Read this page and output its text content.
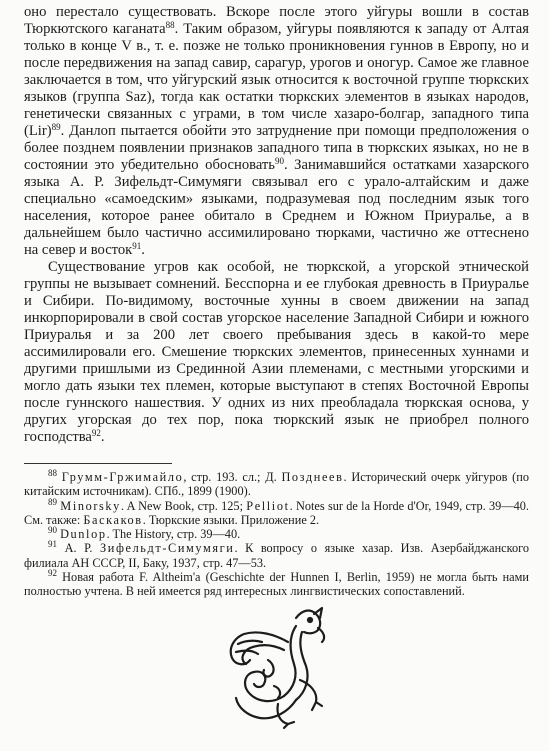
оно перестало существовать. Вскоре после этого уйгуры вошли в состав Тюркютского каганата$^{88}$. Таким образом, уйгуры появляются к западу от Алтая только в конце V в., т. е. позже не только проникновения гуннов в Европу, но и после передвижения на запад савир, сарагур, урогов и оногур. Самое же главное заключается в том, что уйгурский язык относится к восточной группе тюркских языков (группа Saz), тогда как остатки тюркских элементов в языках народов, генетически связанных с уграми, в том числе хазаро-болгар, западного типа (Lir)$^{89}$. Данлоп пытается обойти это затруднение при помощи предположения о более позднем появлении признаков западного типа в тюркских языках, но не в состоянии это убедительно обосновать$^{90}$. Занимавшийся остатками хазарского языка А. Р. Зифельдт-Симумяги связывал его с урало-алтайским и даже специально «самоедским» языками, подразумевая под последним язык того населения, которое ранее обитало в Среднем и Южном Приуралье, а в дальнейшем было частично ассимилировано тюрками, частично же оттеснено на север и восток$^{91}$.

Существование угров как особой, не тюркской, а угорской этнической группы не вызывает сомнений. Бесспорна и ее глубокая древность в Приуралье и Сибири. По-видимому, восточные хунны в своем движении на запад инкорпорировали в свой состав угорское население Западной Сибири и южного Приуралья и за 200 лет своего пребывания здесь в какой-то мере ассимилировали его. Смешение тюркских элементов, принесенных хуннами и другими пришлыми из Срединной Азии племенами, с местными угорскими и могло дать языки тех племен, которые выступают в степях Восточной Европы после гуннского нашествия. У одних из них преобладала тюркская основа, у других угорская до тех пор, пока тюркский язык не приобрел полного господства$^{92}$.

$^{88}$ Грумм-Гржимайло, стр. 193. сл.; Д. Позднеев. Исторический очерк уйгуров (по китайским источникам). СПб., 1899 (1900).

$^{89}$ Minorsky. A New Book, стр. 125; Pelliot. Notes sur de la Horde d'Or, 1949, стр. 39—40. См. также: Баскаков. Тюркские языки. Приложение 2.

$^{90}$ Dunlop. The History, стр. 39—40.

$^{91}$ А. Р. Зифельдт-Симумяги. К вопросу о языке хазар. Изв. Азербайджанского филиала АН СССР, II, Баку, 1937, стр. 47—53.

$^{92}$ Новая работа F. Altheim'a (Geschichte der Hunnen I, Berlin, 1959) не могла быть нами полностью учтена. В ней имеется ряд интересных лингвистических сопоставлений.
